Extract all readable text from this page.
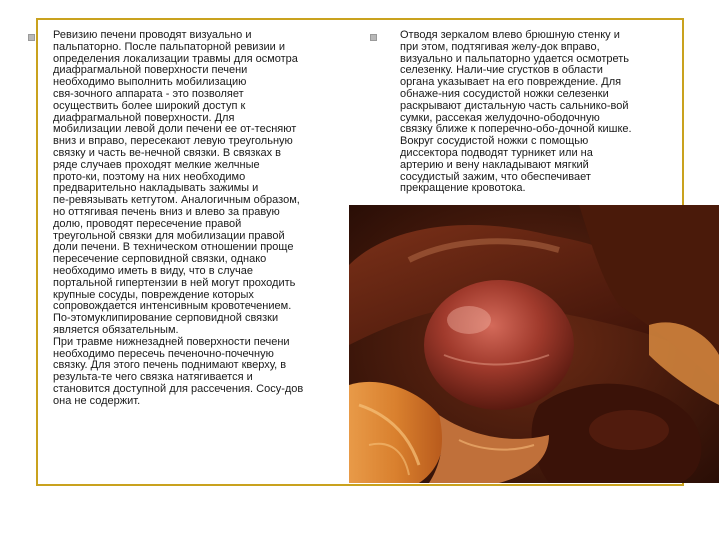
Ревизию печени проводят визуально и
пальпаторно. После пальпаторной ревизии и
определения локализации травмы для осмотра
диафрагмальной поверхности печени
необходимо выполнить мобилизацию
свя-зочного аппарата - это позволяет
осуществить более широкий доступ к
диафрагмальной поверхности. Для
мобилизации левой доли печени ее от-тесняют
вниз и вправо, пересекают левую треугольную
связку и часть ве-нечной связки. В связках в
ряде случаев проходят мелкие желчные
прото-ки, поэтому на них необходимо
предварительно накладывать зажимы и
пе-ревязывать кетгутом. Аналогичным образом,
но оттягивая печень вниз и влево за правую
долю, проводят пересечение правой
треугольной связки для мобилизации правой
доли печени. В техническом отношении проще
пересечение серповидной связки, однако
необходимо иметь в виду, что в случае
портальной гипертензии в ней могут проходить
крупные сосуды, повреждение которых
сопровождается интенсивным кровотечением.
По-этомуклипирование серповидной связки
является обязательным.
При травме нижнезадней поверхности печени
необходимо пересечь печеночно-почечную
связку. Для этого печень поднимают кверху, в
результа-те чего связка натягивается и
становится доступной для рассечения. Сосу-дов
она не содержит.

Отводя зеркалом влево брюшную стенку и
при этом, подтягивая желу-док вправо,
визуально и пальпаторно удается осмотреть
селезенку. Нали-чие сгустков в области
органа указывает на его повреждение. Для
обнаже-ния сосудистой ножки селезенки
раскрывают дистальную часть сальнико-вой
сумки, рассекая желудочно-ободочную
связку ближе к поперечно-обо-дочной кишке.
Вокруг сосудистой ножки с помощью
диссектора подводят турникет или на
артерию и вену накладывают мягкий
сосудистый зажим, что обеспечивает
прекращение кровотока.
